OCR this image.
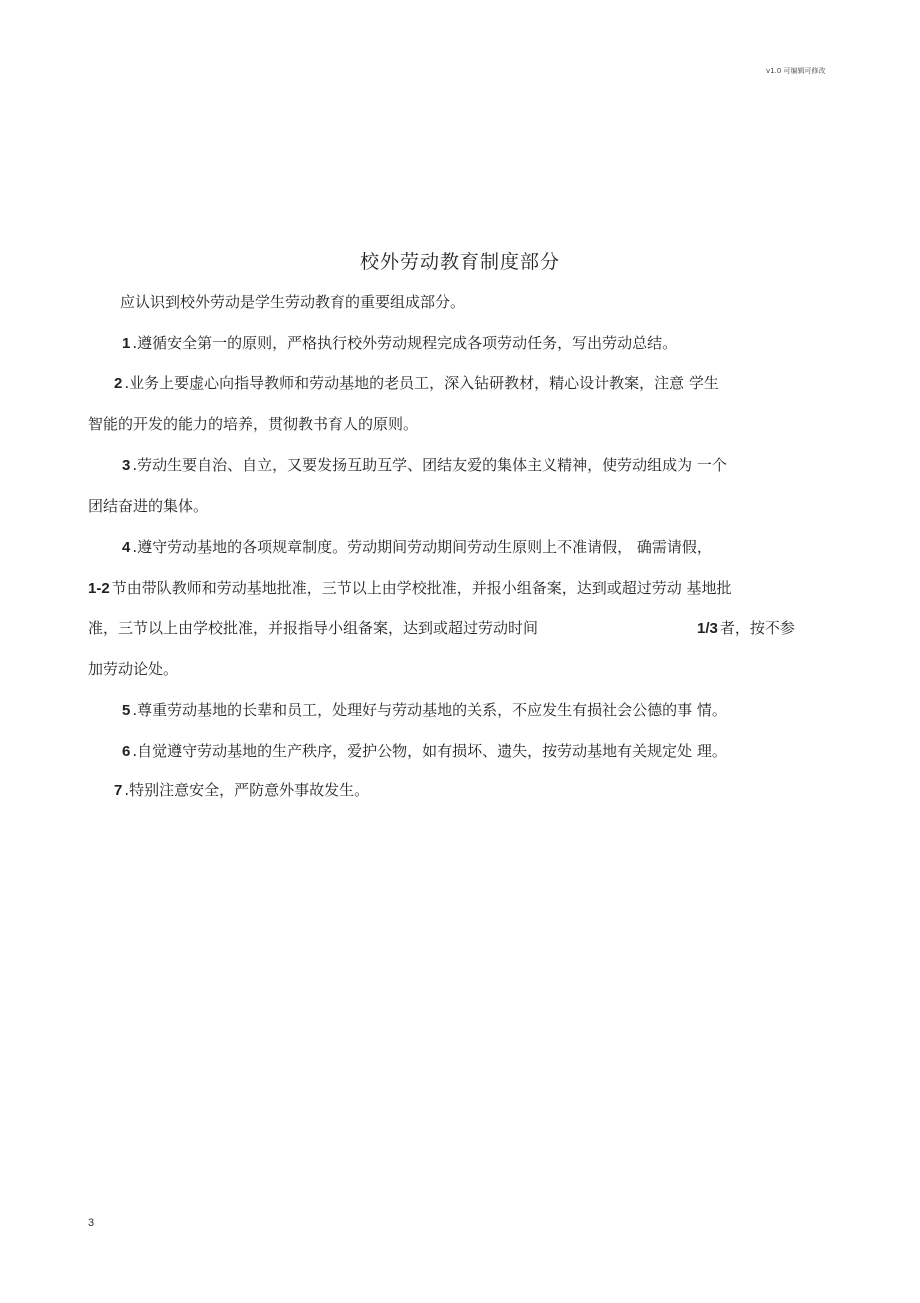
v1.0 可编辑可修改
校外劳动教育制度部分
应认识到校外劳动是学生劳动教育的重要组成部分。
1 .遵循安全第一的原则，严格执行校外劳动规程完成各项劳动任务，写出劳动总结。
2 .业务上要虚心向指导教师和劳动基地的老员工，深入钻研教材，精心设计教案，注意 学生
智能的开发的能力的培养，贯彻教书育人的原则。
3 .劳动生要自治、自立，又要发扬互助互学、团结友爱的集体主义精神，使劳动组成为 一个
团结奋进的集体。
4 .遵守劳动基地的各项规章制度。劳动期间劳动期间劳动生原则上不准请假， 确需请假，
1-2 节由带队教师和劳动基地批准，三节以上由学校批准，并报小组备案，达到或超过劳动 基地批
准，三节以上由学校批准，并报指导小组备案，达到或超过劳动时间	1/3 者，按不参
加劳动论处。
5 .尊重劳动基地的长辈和员工，处理好与劳动基地的关系，不应发生有损社会公德的事 情。
6 .自觉遵守劳动基地的生产秩序，爱护公物，如有损坏、遗失，按劳动基地有关规定处 理。
7 .特别注意安全，严防意外事故发生。
3
